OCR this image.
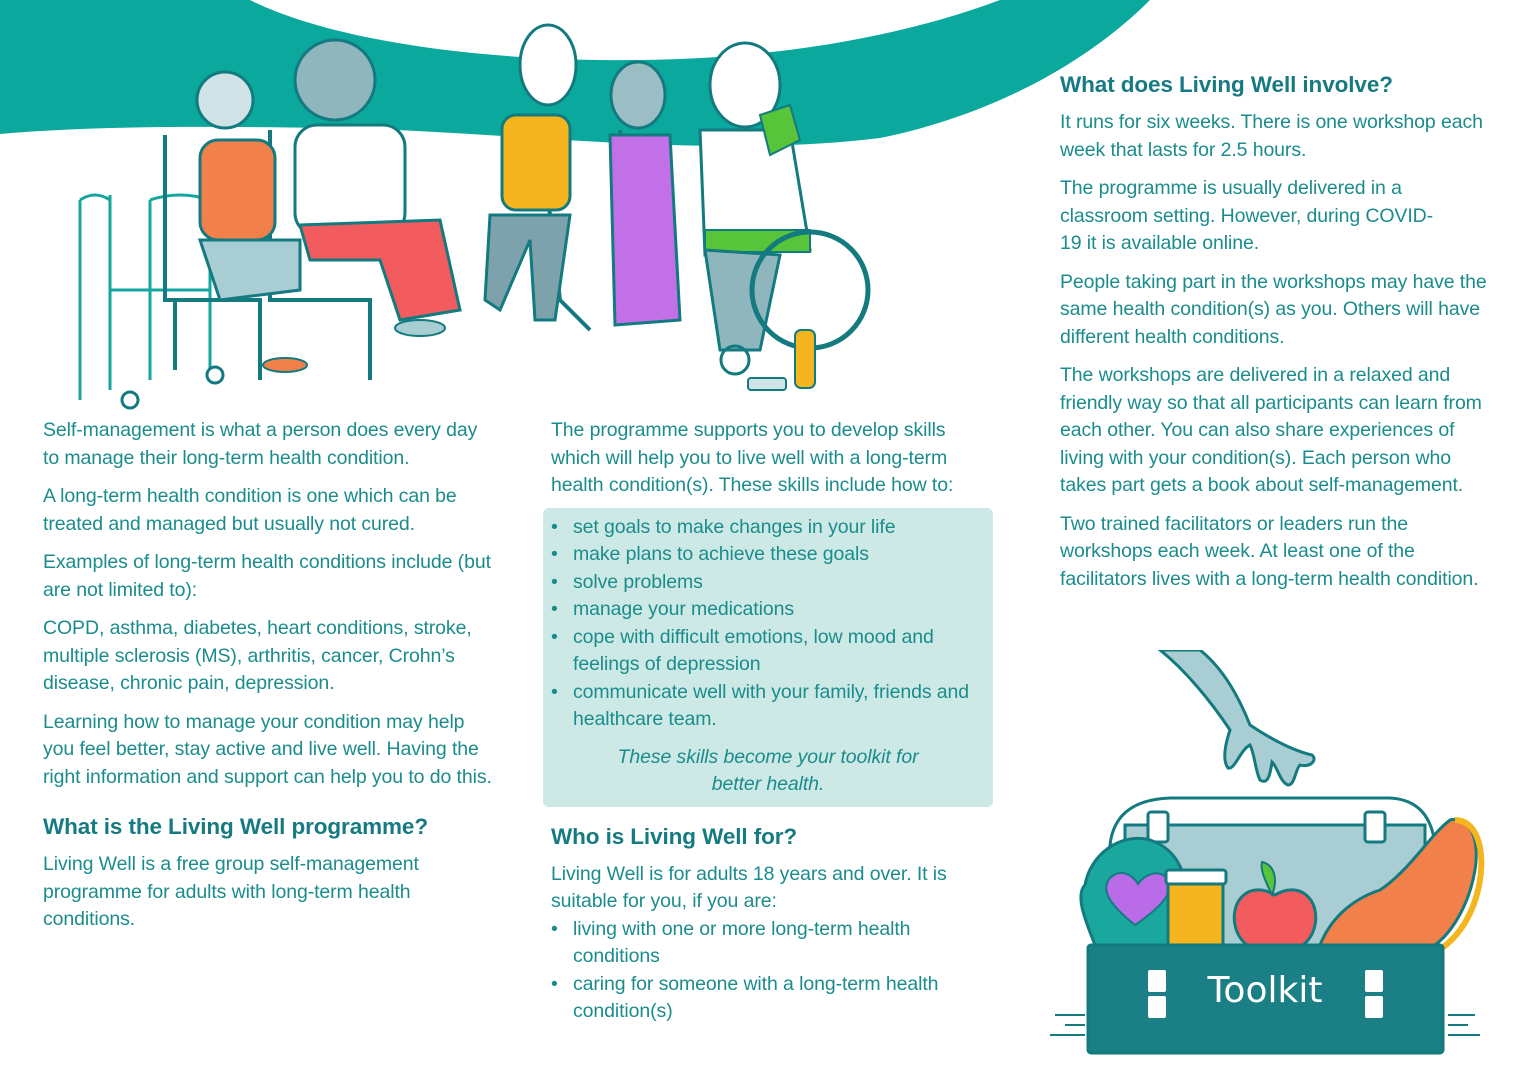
Self-management is what a person does every day to manage their long-term health condition.

A long-term health condition is one which can be treated and managed but usually not cured.

Examples of long-term health conditions include (but are not limited to):

COPD, asthma, diabetes, heart conditions, stroke, multiple sclerosis (MS), arthritis, cancer, Crohn’s disease, chronic pain, depression.

Learning how to manage your condition may help you feel better, stay active and live well. Having the right information and support can help you to do this.

What is the Living Well programme?

Living Well is a free group self-management programme for adults with long-term health conditions.

The programme supports you to develop skills which will help you to live well with a long-term health condition(s). These skills include how to:

• set goals to make changes in your life
• make plans to achieve these goals
• solve problems
• manage your medications
• cope with difficult emotions, low mood and feelings of depression
• communicate well with your family, friends and healthcare team.

These skills become your toolkit for better health.

Who is Living Well for?

Living Well is for adults 18 years and over. It is suitable for you, if you are:

• living with one or more long-term health conditions
• caring for someone with a long-term health condition(s)
What does Living Well involve?

It runs for six weeks. There is one workshop each week that lasts for 2.5 hours.

The programme is usually delivered in a classroom setting. However, during COVID-19 it is available online.

People taking part in the workshops may have the same health condition(s) as you. Others will have different health conditions.

The workshops are delivered in a relaxed and friendly way so that all participants can learn from each other. You can also share experiences of living with your condition(s). Each person who takes part gets a book about self-management.

Two trained facilitators or leaders run the workshops each week. At least one of the facilitators lives with a long-term health condition.

Toolkit
